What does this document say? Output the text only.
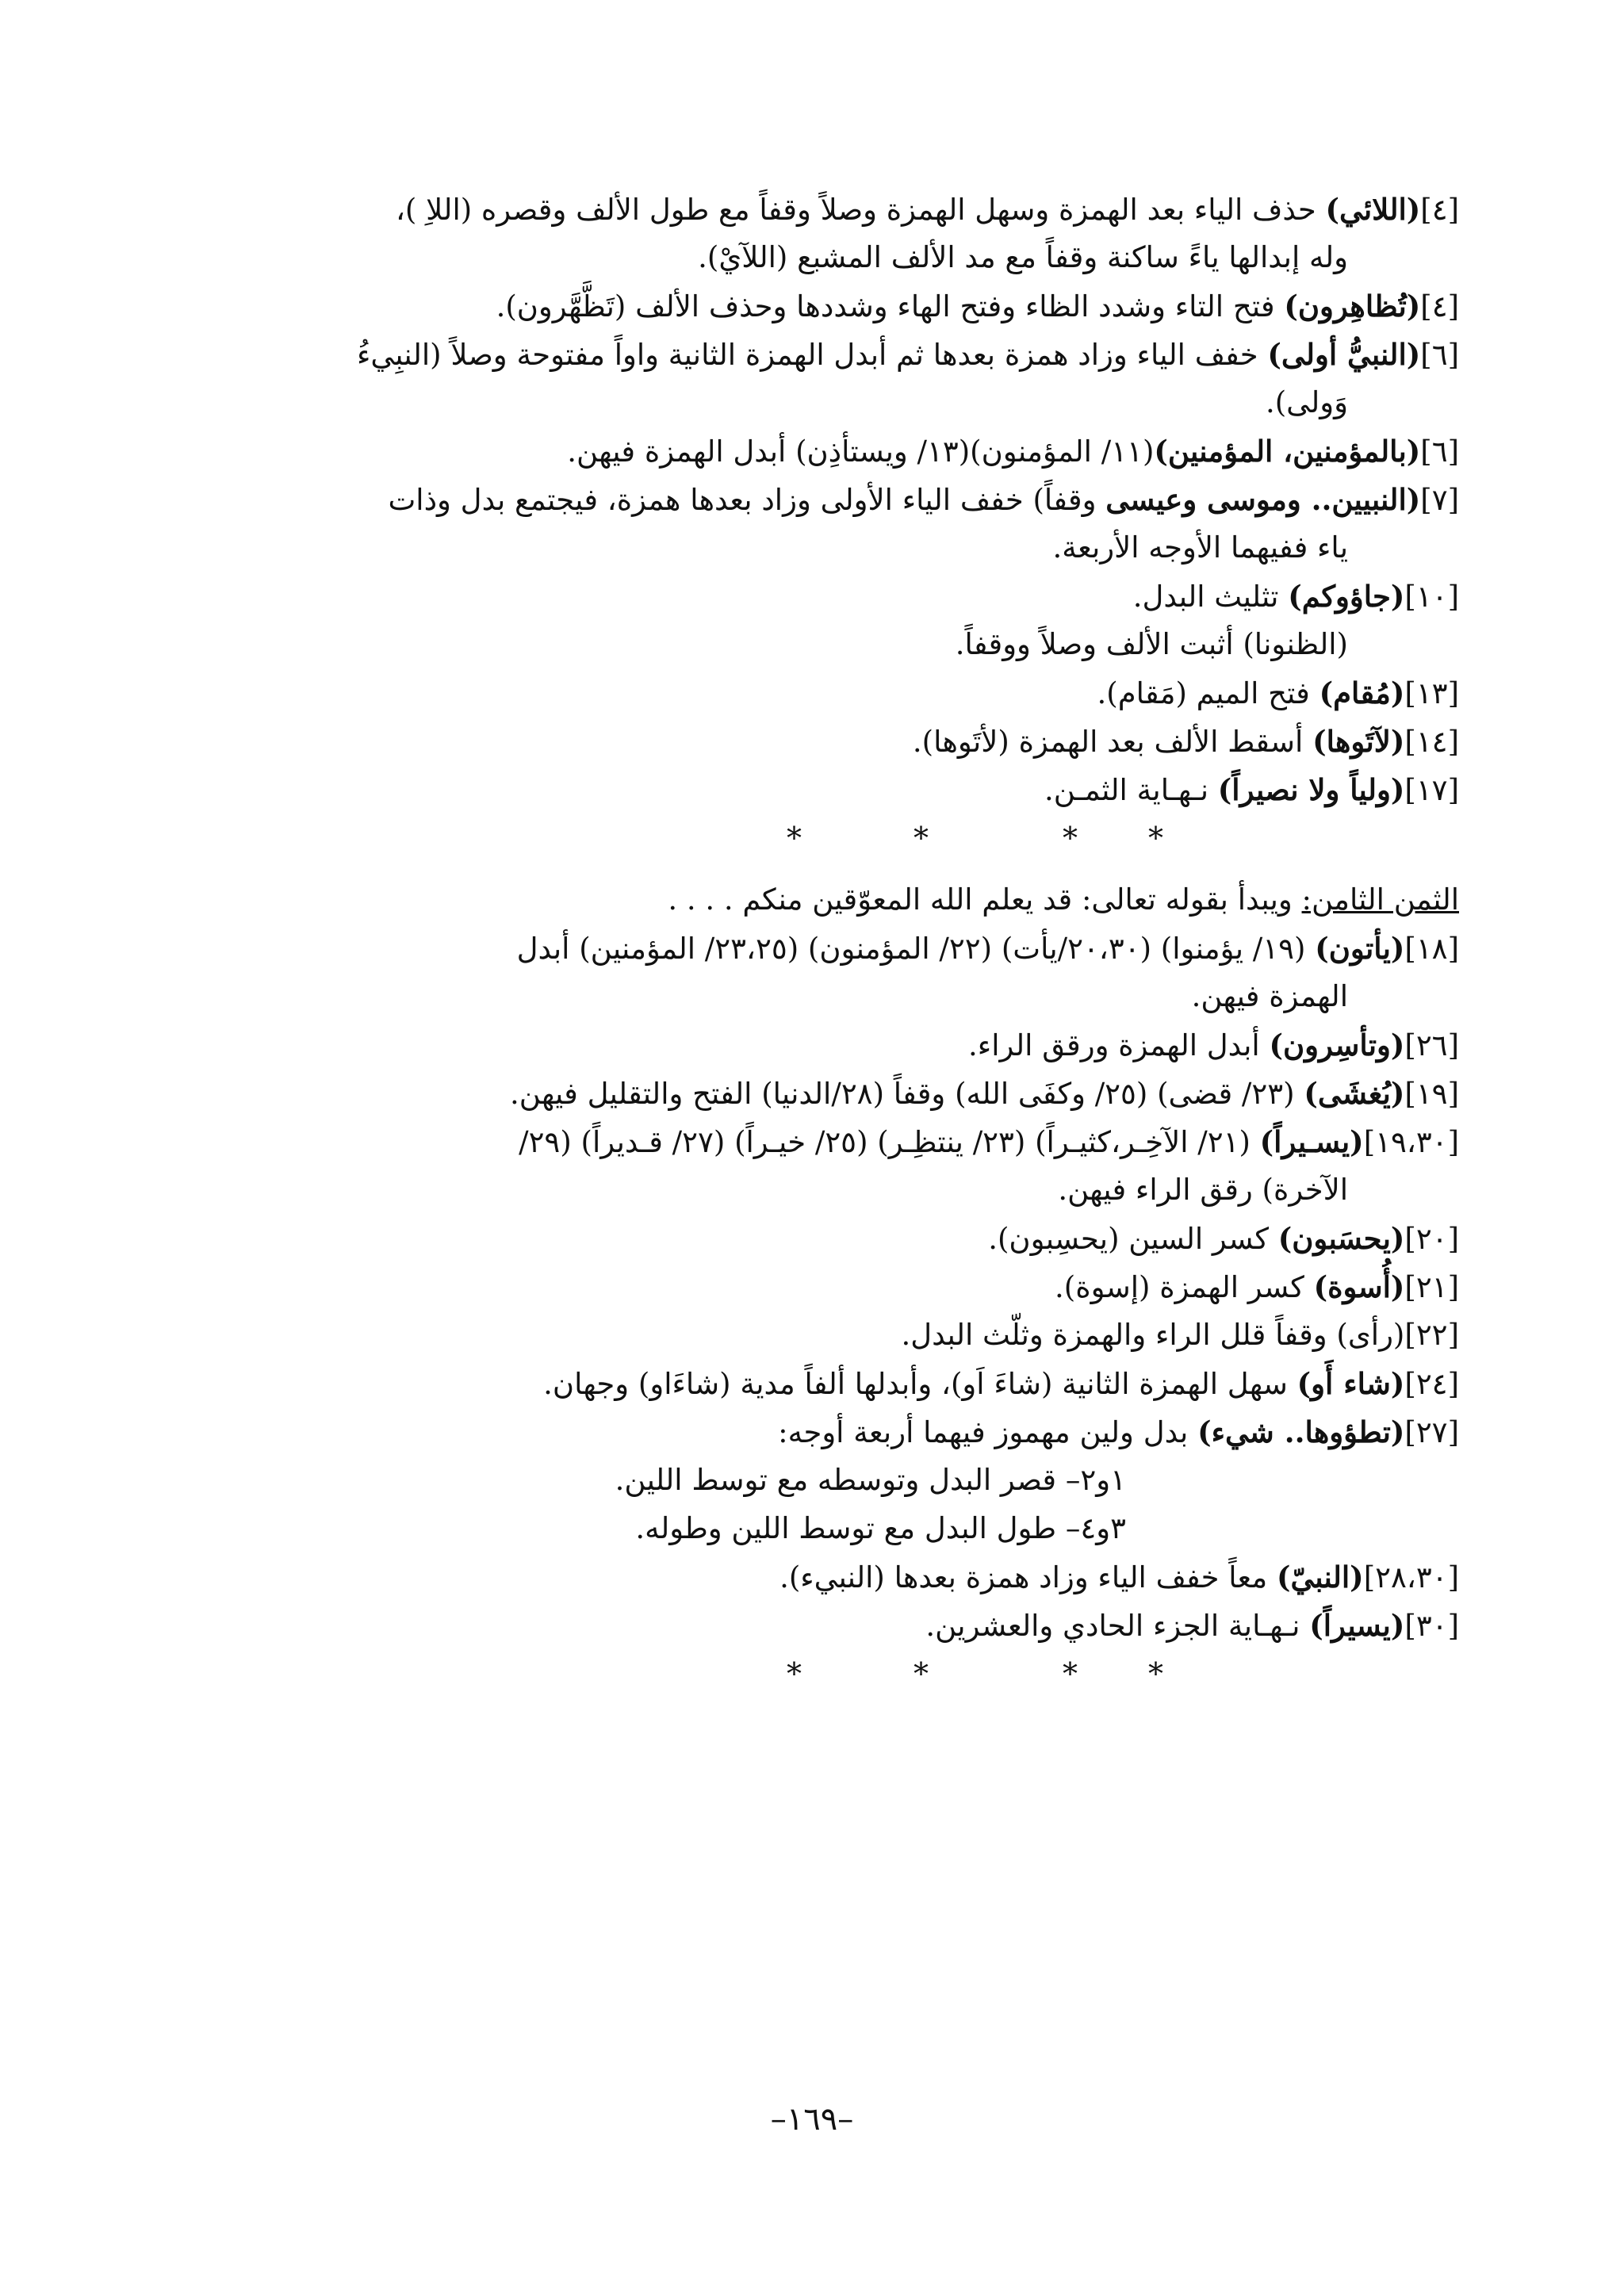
[٤](اللائي) حذف الياء بعد الهمزة وسهل الهمزة وصلاً وقفاً مع طول الألف وقصره (اللاِ )،

وله إبدالها ياءً ساكنة وقفاً مع مد الألف المشبع (اللآيْ).

[٤](تُظاهِرون) فتح التاء وشدد الظاء وفتح الهاء وشددها وحذف الألف (تَظَّهَّرون).

[٦](النبيُّ أولى) خفف الياء وزاد همزة بعدها ثم أبدل الهمزة الثانية واواً مفتوحة وصلاً (النبِيءُ

وَولى).

[٦](بالمؤمنين، المؤمنين)(١١/ المؤمنون)(١٣/ ويستأذِن) أبدل الهمزة فيهن.

[٧](النبيين.. وموسى وعيسى وقفاً) خفف الياء الأولى وزاد بعدها همزة، فيجتمع بدل وذات

ياء ففيهما الأوجه الأربعة.

[١٠](جاؤوكم) تثليث البدل.

(الظنونا) أثبت الألف وصلاً ووقفاً.

[١٣](مُقام) فتح الميم (مَقام).

[١٤](لآتَوها) أسقط الألف بعد الهمزة (لأتَوها).

[١٧](ولياً ولا نصيراً) نـهـاية الثمـن.

*
*
*
*

الثمن الثامن: ويبدأ بقوله تعالى: قد يعلم الله المعوّقين منكم . . . .

[١٨](يأتون) (١٩/ يؤمنوا) (٢٠،٣٠/يأت) (٢٢/ المؤمنون) (٢٣،٢٥/ المؤمنين) أبدل

الهمزة فيهن.

[٢٦](وتأسِرون) أبدل الهمزة ورقق الراء.

[١٩](يُغشَى) (٢٣/ قضى) (٢٥/ وكفَى الله) وقفاً (٢٨/الدنيا) الفتح والتقليل فيهن.

[١٩،٣٠](يسـيراً) (٢١/ الآخِـر،كثيـراً) (٢٣/ ينتظِـر) (٢٥/ خيـراً) (٢٧/ قـديراً) (٢٩/

الآخرة) رقق الراء فيهن.

[٢٠](يحسَبون) كسر السين (يحسِبون).

[٢١](أُسوة) كسر الهمزة (إسوة).

[٢٢](رأى) وقفاً قلل الراء والهمزة وثلّث البدل.

[٢٤](شاء أَو) سهل الهمزة الثانية (شاءَ اَو)، وأبدلها ألفاً مدية (شاءَاو) وجهان.

[٢٧](تطؤوها.. شيء) بدل ولين مهموز فيهما أربعة أوجه:

١و٢– قصر البدل وتوسطه مع توسط اللين.

٣و٤– طول البدل مع توسط اللين وطوله.

[٢٨،٣٠](النبيّ) معاً خفف الياء وزاد همزة بعدها (النبيء).

[٣٠](يسيراً) نـهـاية الجزء الحادي والعشرين.

*
*
*
*
–١٦٩–
